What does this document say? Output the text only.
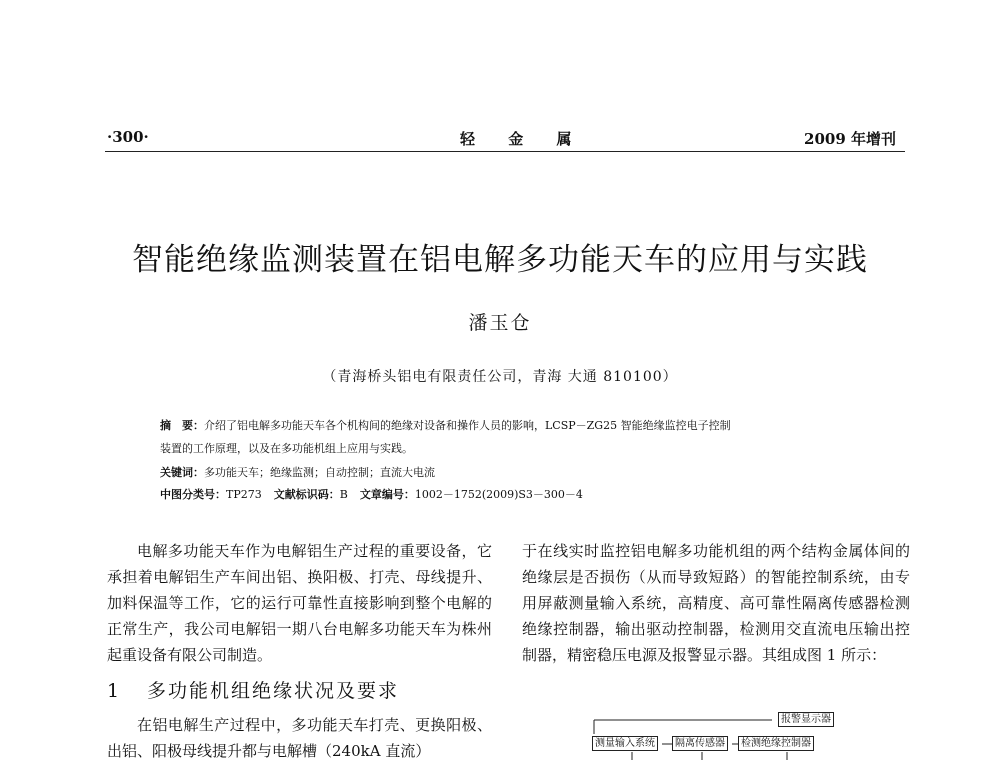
·300·	轻 金 属	2009 年增刊
智能绝缘监测装置在铝电解多功能天车的应用与实践
潘玉仓
（青海桥头铝电有限责任公司，青海 大通 810100）
摘　要：介绍了铝电解多功能天车各个机构间的绝缘对设备和操作人员的影响，LCSP－ZG25 智能绝缘监控电子控制
装置的工作原理，以及在多功能机组上应用与实践。
关键词：多功能天车；绝缘监测；自动控制；直流大电流
中图分类号：TP273 文献标识码：B 文章编号：1002－1752(2009)S3－300－4

电解多功能天车作为电解铝生产过程的重要设备，它承担着电解铝生产车间出铝、换阳极、打壳、母线提升、加料保温等工作，它的运行可靠性直接影响到整个电解的正常生产，我公司电解铝一期八台电解多功能天车为株州起重设备有限公司制造。

1 多功能机组绝缘状况及要求

在铝电解生产过程中，多功能天车打壳、更换阳极、出铝、阳极母线提升都与电解槽（240kA 直流）

于在线实时监控铝电解多功能机组的两个结构金属体间的绝缘层是否损伤（从而导致短路）的智能控制系统，由专用屏蔽测量输入系统，高精度、高可靠性隔离传感器检测绝缘控制器，输出驱动控制器，检测用交直流电压输出控制器，精密稳压电源及报警显示器。其组成图 1 所示：

报警显示器
测量输入系统	隔离传感器	检测绝缘控制器
